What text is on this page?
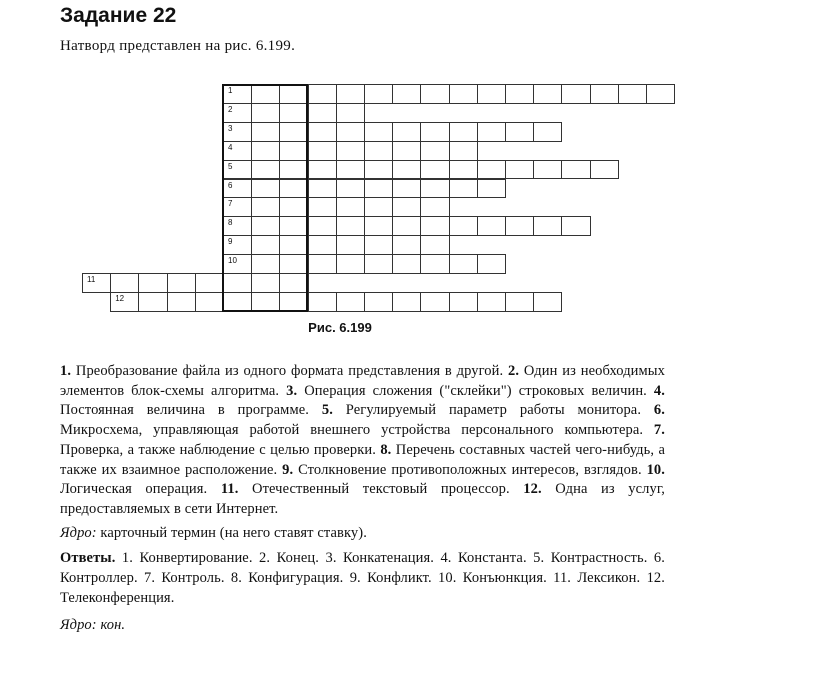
Задание 22
Натворд представлен на рис. 6.199.
1
2
3
4
5
6
7
8
9
10
11
12
Рис. 6.199

1. Преобразование файла из одного формата представления в другой. 2. Один из необходимых элементов блок-схемы алгоритма. 3. Операция сложения ("склейки") строковых величин. 4. Постоянная величина в программе. 5. Регулируемый параметр работы монитора. 6. Микросхема, управляющая работой внешнего устройства персонального компьютера. 7. Проверка, а также наблюдение с целью проверки. 8. Перечень составных частей чего-нибудь, а также их взаимное расположение. 9. Столкновение противоположных интересов, взглядов. 10. Логическая операция. 11. Отечественный текстовый процессор. 12. Одна из услуг, предоставляемых в сети Интернет.

Ядро: карточный термин (на него ставят ставку).

Ответы. 1. Конвертирование. 2. Конец. 3. Конкатенация. 4. Константа. 5. Контрастность. 6. Контроллер. 7. Контроль. 8. Конфигурация. 9. Конфликт. 10. Конъюнкция. 11. Лексикон. 12. Телеконференция.

Ядро: кон.
